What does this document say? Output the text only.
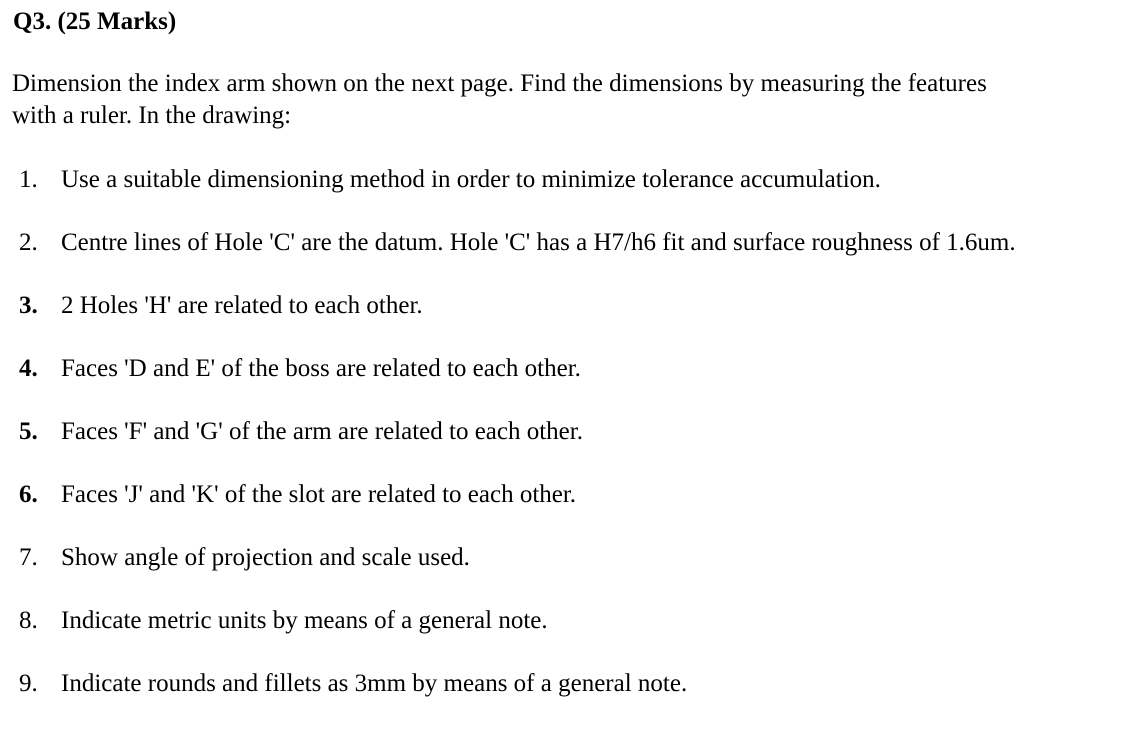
Q3. (25 Marks)
Dimension the index arm shown on the next page. Find the dimensions by measuring the features
with a ruler. In the drawing:
1. Use a suitable dimensioning method in order to minimize tolerance accumulation.
2. Centre lines of Hole 'C' are the datum. Hole 'C' has a H7/h6 fit and surface roughness of 1.6um.
3. 2 Holes 'H' are related to each other.
4. Faces 'D and E' of the boss are related to each other.
5. Faces 'F' and 'G' of the arm are related to each other.
6. Faces 'J' and 'K' of the slot are related to each other.
7. Show angle of projection and scale used.
8. Indicate metric units by means of a general note.
9. Indicate rounds and fillets as 3mm by means of a general note.
